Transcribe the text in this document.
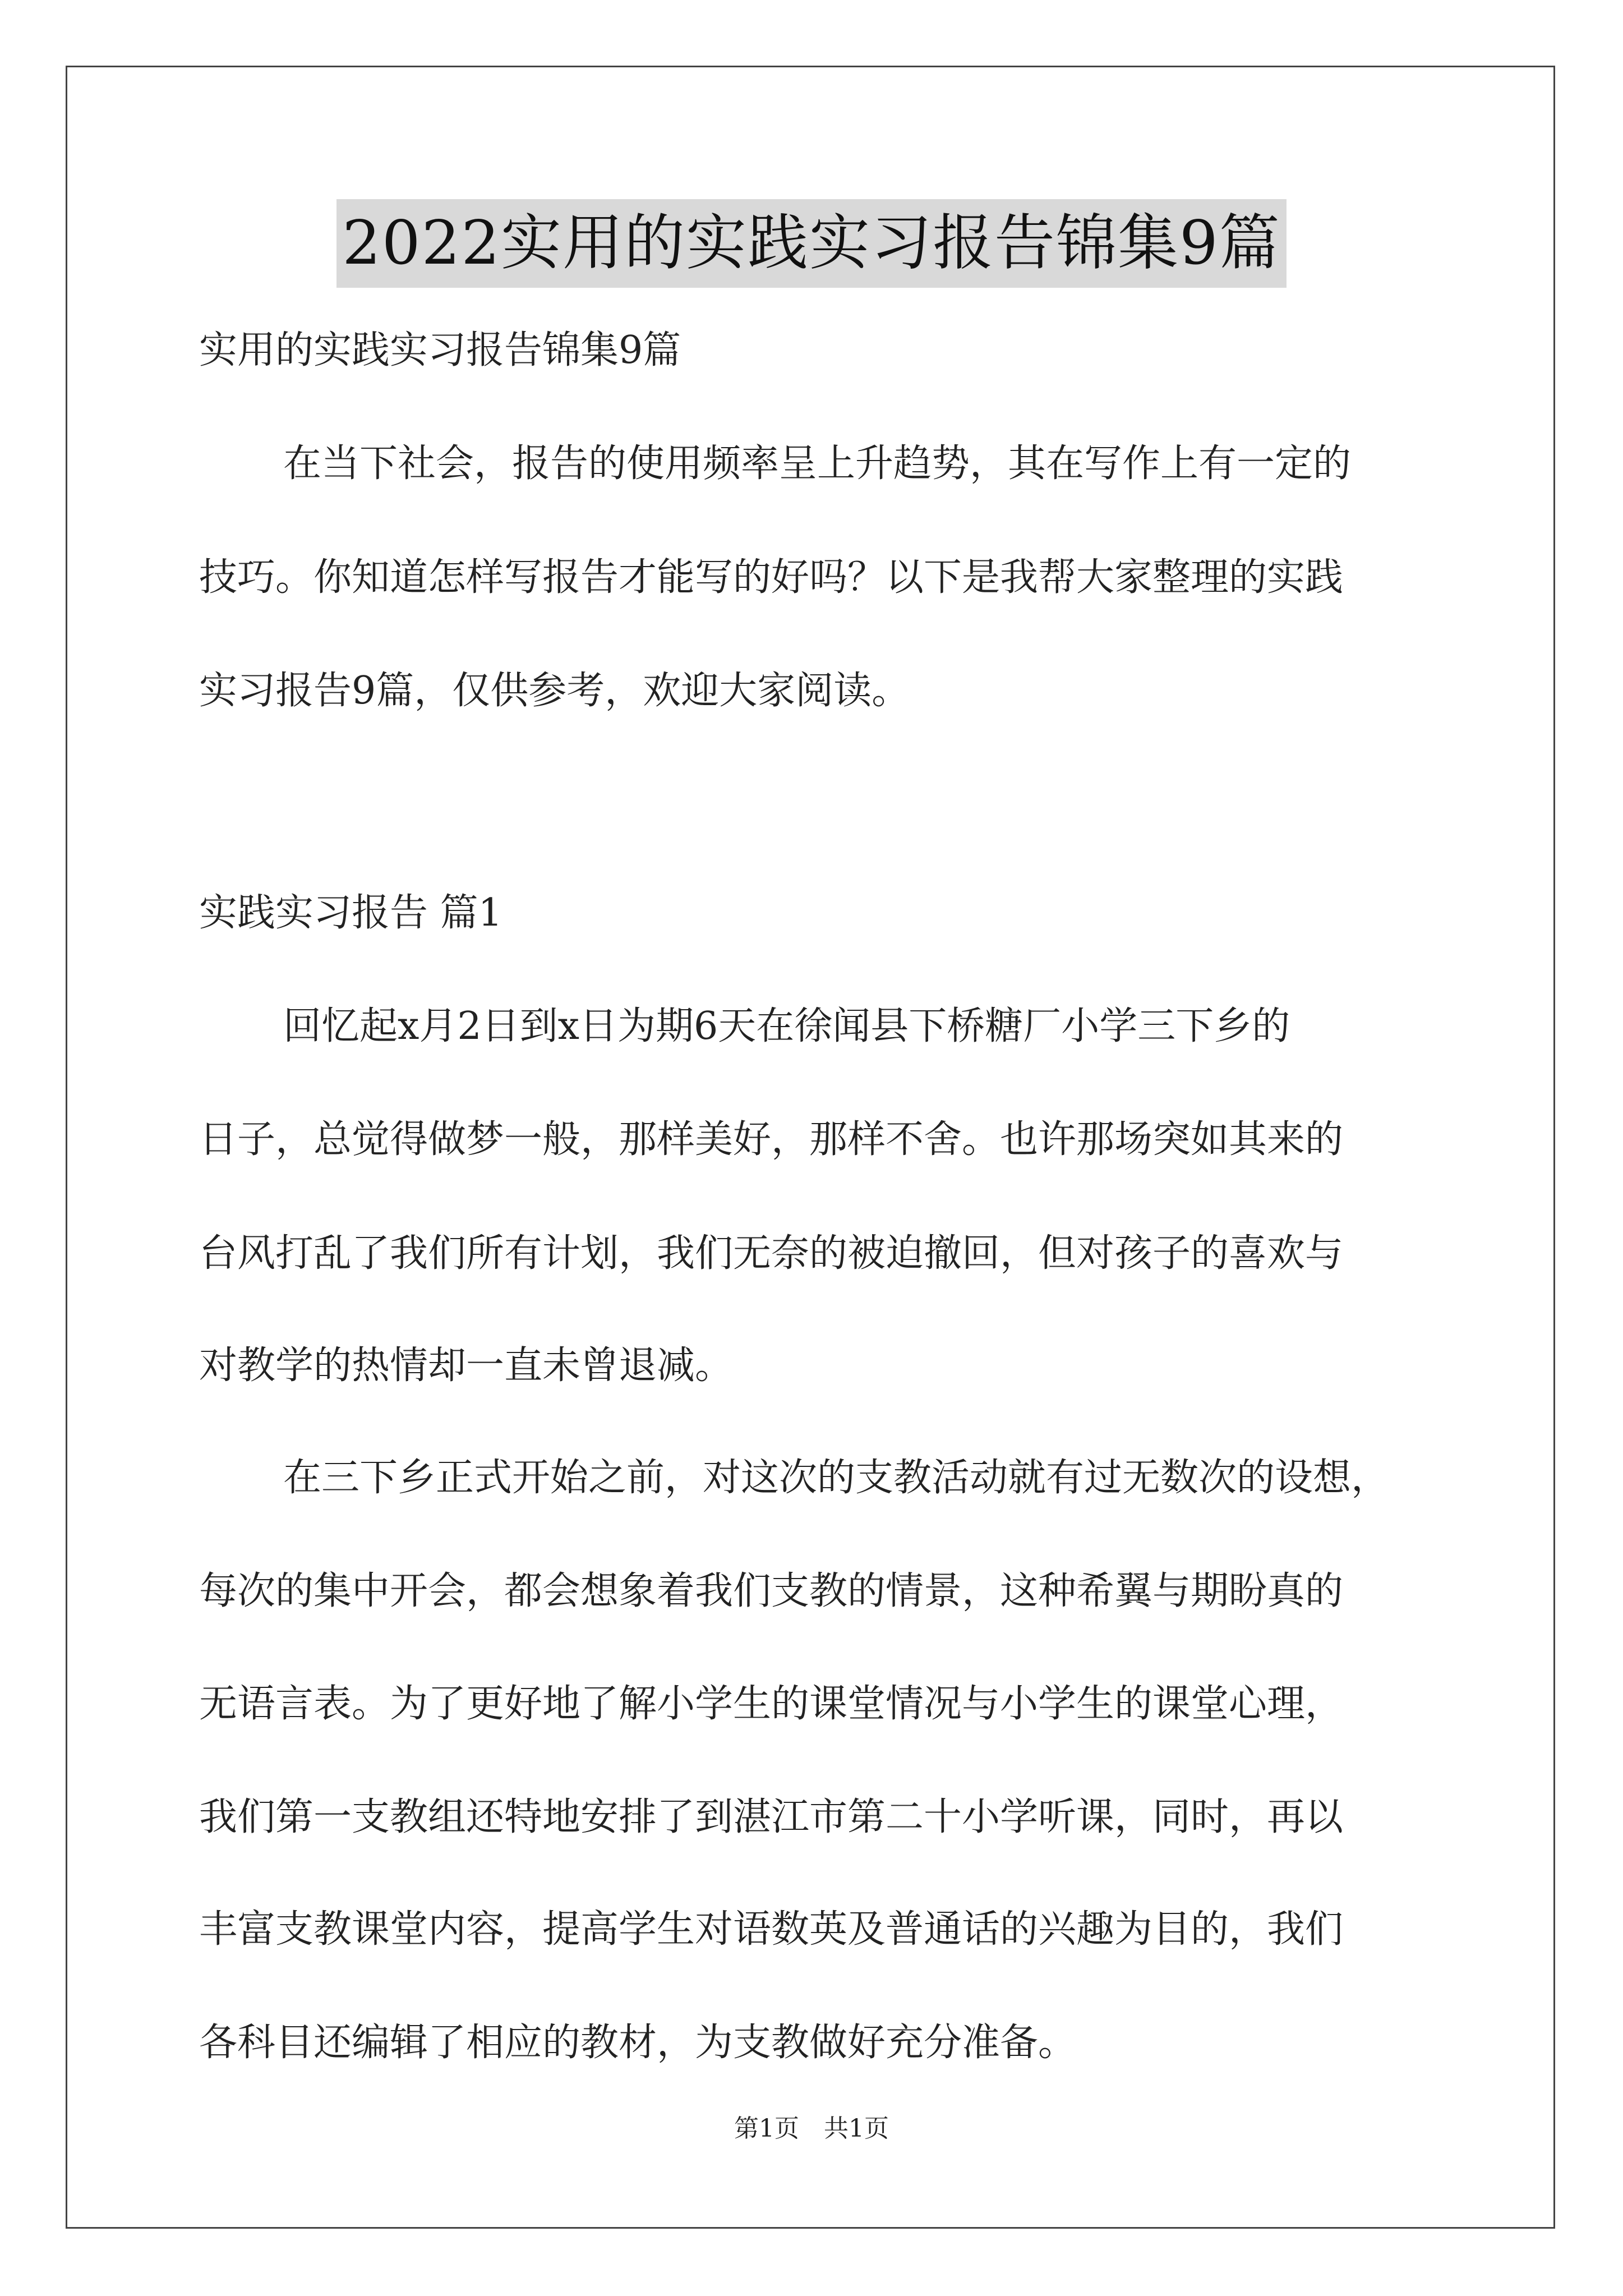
2022实用的实践实习报告锦集9篇
实用的实践实习报告锦集9篇
在当下社会，报告的使用频率呈上升趋势，其在写作上有一定的
技巧。你知道怎样写报告才能写的好吗？以下是我帮大家整理的实践
实习报告9篇，仅供参考，欢迎大家阅读。
实践实习报告 篇1
回忆起x月2日到x日为期6天在徐闻县下桥糖厂小学三下乡的
日子，总觉得做梦一般，那样美好，那样不舍。也许那场突如其来的
台风打乱了我们所有计划，我们无奈的被迫撤回，但对孩子的喜欢与
对教学的热情却一直未曾退减。
在三下乡正式开始之前，对这次的支教活动就有过无数次的设想，
每次的集中开会，都会想象着我们支教的情景，这种希翼与期盼真的
无语言表。为了更好地了解小学生的课堂情况与小学生的课堂心理，
我们第一支教组还特地安排了到湛江市第二十小学听课，同时，再以
丰富支教课堂内容，提高学生对语数英及普通话的兴趣为目的，我们
各科目还编辑了相应的教材，为支教做好充分准备。
第1页　共1页
